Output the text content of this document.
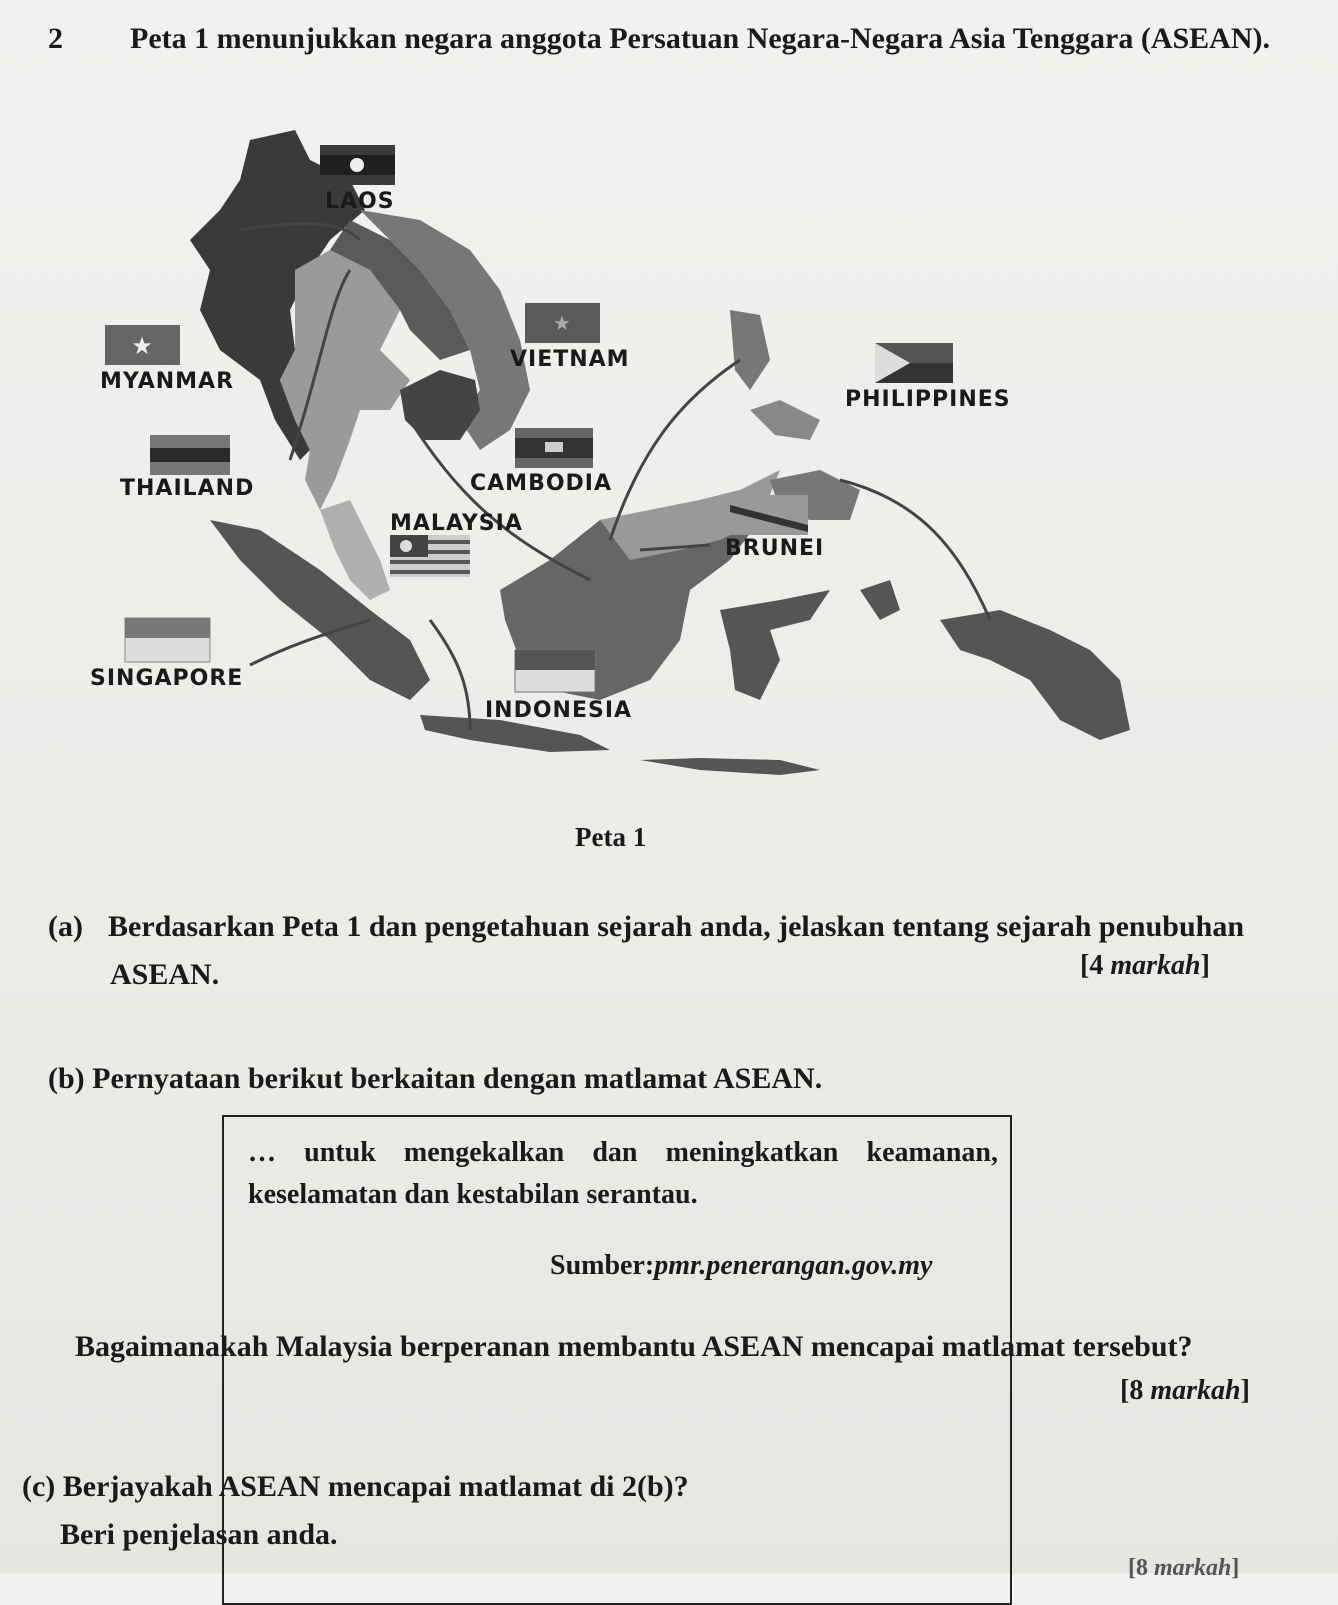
2 Peta 1 menunjukkan negara anggota Persatuan Negara-Negara Asia Tenggara (ASEAN).
★
★
LAOS
VIETNAM
MYANMAR
PHILIPPINES
THAILAND	CAMBODIA
MALAYSIA
BRUNEI
SINGAPORE
INDONESIA
Peta 1
(a) Berdasarkan Peta 1 dan pengetahuan sejarah anda, jelaskan tentang sejarah penubuhan
ASEAN.	[4 markah]
(b) Pernyataan berikut berkaitan dengan matlamat ASEAN.
… untuk mengekalkan dan meningkatkan keamanan, keselamatan dan kestabilan serantau.
Sumber:pmr.penerangan.gov.my
Bagaimanakah Malaysia berperanan membantu ASEAN mencapai matlamat tersebut?
[8 markah]
(c) Berjayakah ASEAN mencapai matlamat di 2(b)?
Beri penjelasan anda.
[8 markah]
